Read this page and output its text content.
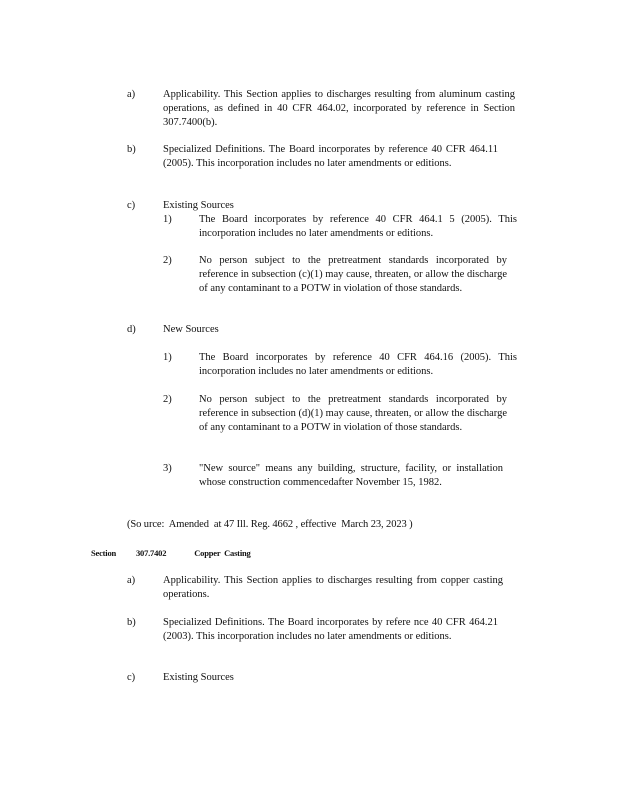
a)	Applicability. This Section applies to discharges resulting from aluminum casting operations, as defined in 40 CFR 464.02, incorporated by reference in Section 307.7400(b).
b)	Specialized Definitions. The Board incorporates by reference 40 CFR 464.11 (2005). This incorporation includes no later amendments or editions.
c)	Existing Sources
1)	The Board incorporates by reference 40 CFR 464.1 5 (2005). This incorporation includes no later amendments or editions.
2)	No person subject to the pretreatment standards incorporated by reference in subsection (c)(1) may cause, threaten, or allow the discharge of any contaminant to a POTW in violation of those standards.
d)	New Sources
1)	The Board incorporates by reference 40 CFR 464.16 (2005). This incorporation includes no later amendments or editions.
2)	No person subject to the pretreatment standards incorporated by reference in subsection (d)(1) may cause, threaten, or allow the discharge of any contaminant to a POTW in violation of those standards.
3)	"New source" means any building, structure, facility, or installation whose construction commencedafter November 15, 1982.
(So urce:  Amended  at 47 Ill. Reg. 4662 , effective  March 23, 2023 )
Section 307.7402	Copper  Casting
a)	Applicability. This Section applies to discharges resulting from copper casting operations.
b)	Specialized Definitions. The Board incorporates by refere nce 40 CFR 464.21 (2003). This incorporation includes no later amendments or editions.
c)	Existing Sources
